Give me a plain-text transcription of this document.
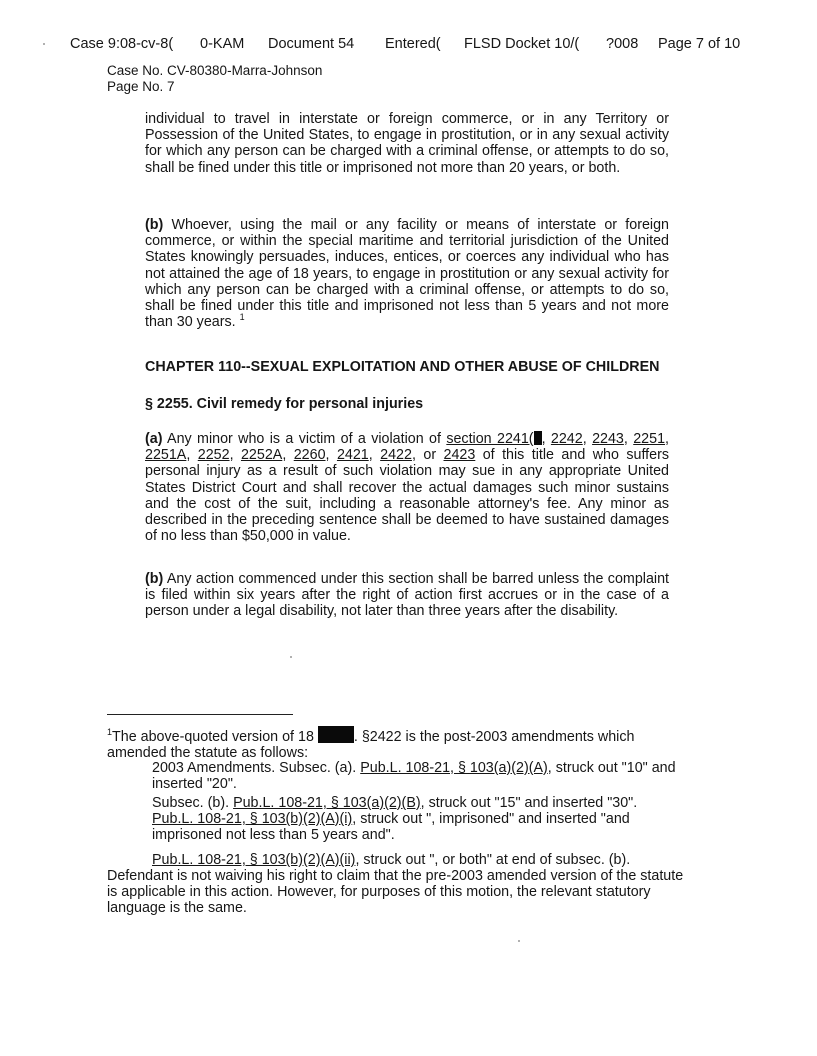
Case 9:08-cv-8( 0-KAM Document 54 Entered( FLSD Docket 10/( ?008 Page 7 of 10
Case No. CV-80380-Marra-Johnson
Page No. 7
individual to travel in interstate or foreign commerce, or in any Territory or Possession of the United States, to engage in prostitution, or in any sexual activity for which any person can be charged with a criminal offense, or attempts to do so, shall be fined under this title or imprisoned not more than 20 years, or both.
(b) Whoever, using the mail or any facility or means of interstate or foreign commerce, or within the special maritime and territorial jurisdiction of the United States knowingly persuades, induces, entices, or coerces any individual who has not attained the age of 18 years, to engage in prostitution or any sexual activity for which any person can be charged with a criminal offense, or attempts to do so, shall be fined under this title and imprisoned not less than 5 years and not more than 30 years. $^1$
CHAPTER 110--SEXUAL EXPLOITATION AND OTHER ABUSE OF CHILDREN
§ 2255. Civil remedy for personal injuries
(a) Any minor who is a victim of a violation of section 2241( , 2242, 2243, 2251, 2251A, 2252, 2252A, 2260, 2421, 2422, or 2423 of this title and who suffers personal injury as a result of such violation may sue in any appropriate United States District Court and shall recover the actual damages such minor sustains and the cost of the suit, including a reasonable attorney's fee. Any minor as described in the preceding sentence shall be deemed to have sustained damages of no less than $50,000 in value.
(b) Any action commenced under this section shall be barred unless the complaint is filed within six years after the right of action first accrues or in the case of a person under a legal disability, not later than three years after the disability.
$^1$The above-quoted version of 18	. §2422 is the post-2003 amendments which amended the statute as follows:
2003 Amendments. Subsec. (a). Pub.L. 108-21, § 103(a)(2)(A), struck out "10" and inserted "20".
Subsec. (b). Pub.L. 108-21, § 103(a)(2)(B), struck out "15" and inserted "30".
Pub.L. 108-21, § 103(b)(2)(A)(i), struck out ", imprisoned" and inserted "and imprisoned not less than 5 years and".
Pub.L. 108-21, § 103(b)(2)(A)(ii), struck out ", or both" at end of subsec. (b).
Defendant is not waiving his right to claim that the pre-2003 amended version of the statute is applicable in this action. However, for purposes of this motion, the relevant statutory language is the same.
